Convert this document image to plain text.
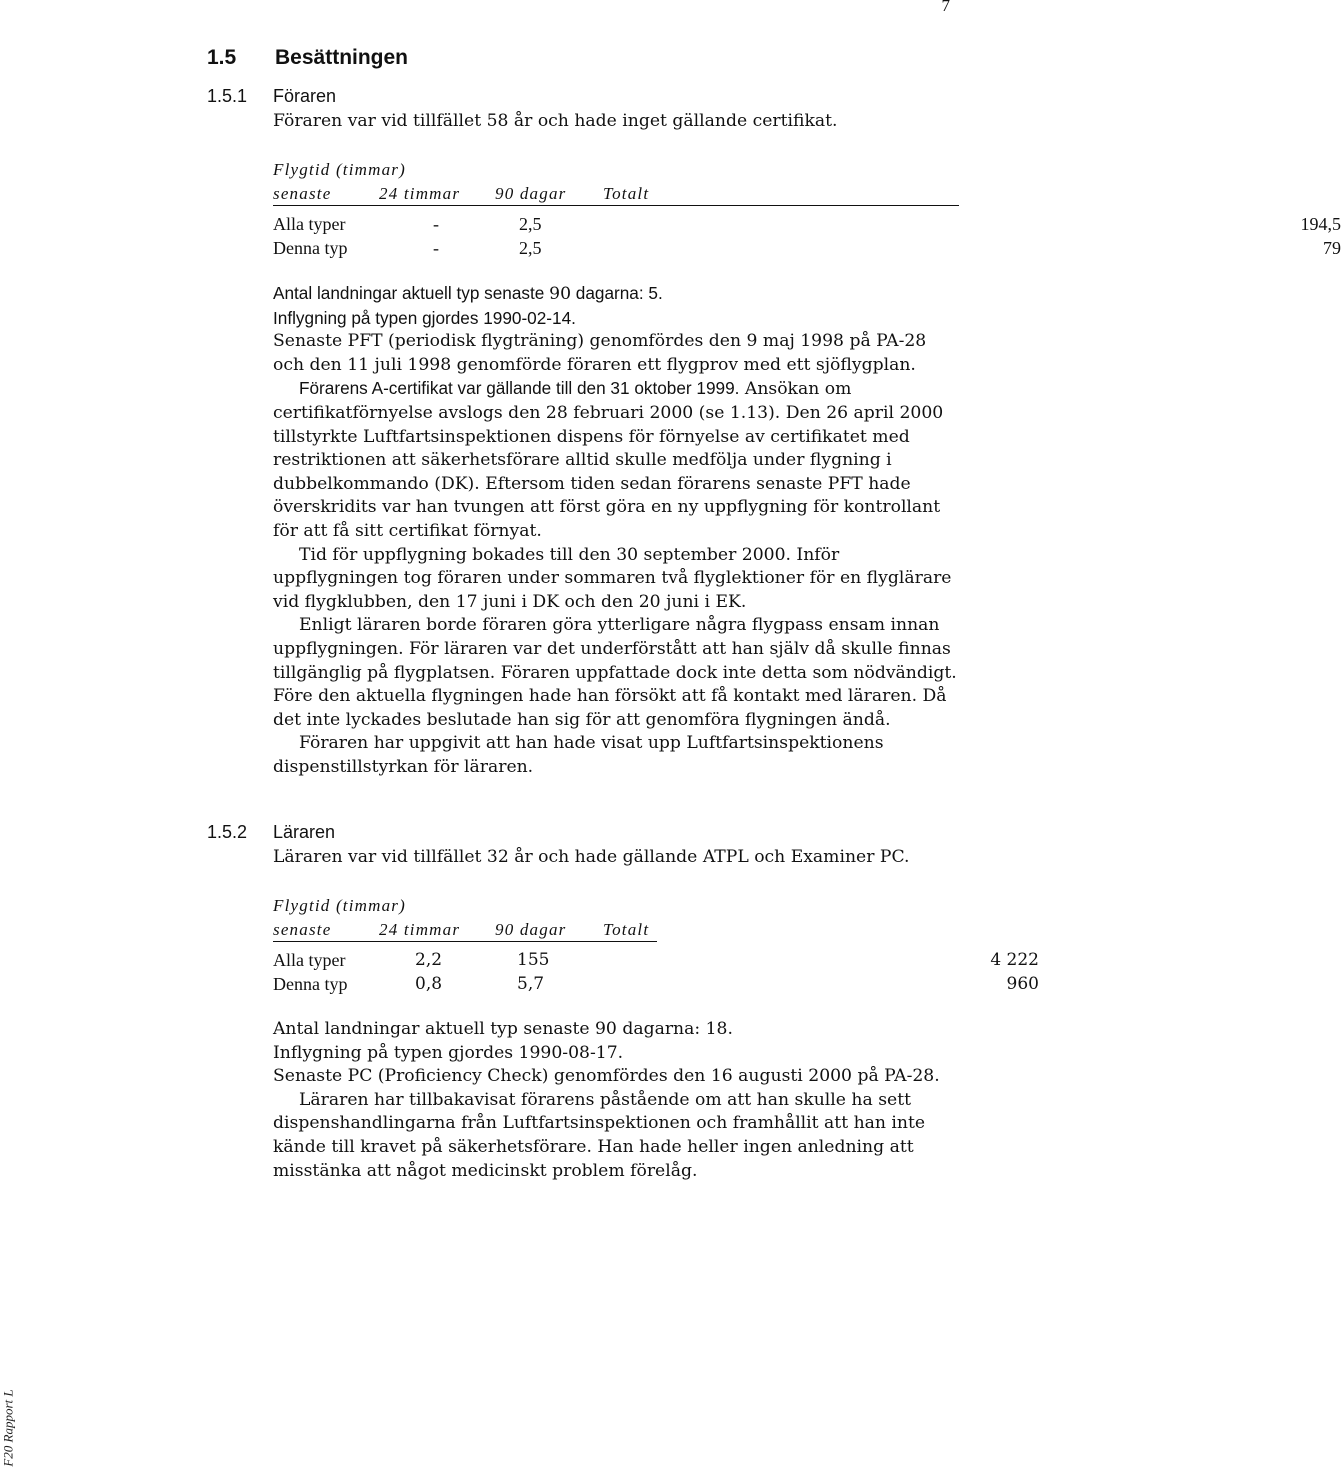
7
F20 Rapport L
1.5 Besättningen
1.5.1 Föraren

Föraren var vid tillfället 58 år och hade inget gällande certifikat.

Flygtid (timmar)
senaste	24 timmar 90 dagar Totalt
Alla typer	-	2,5	194,5
Denna typ	-	2,5	79

Antal landningar aktuell typ senaste 90 dagarna: 5.

Inflygning på typen gjordes 1990-02-14.

Senaste PFT (periodisk flygträning) genomfördes den 9 maj 1998 på PA-28 och den 11 juli 1998 genomförde föraren ett flygprov med ett sjöflygplan.

Förarens A-certifikat var gällande till den 31 oktober 1999. Ansökan om certifikatförnyelse avslogs den 28 februari 2000 (se 1.13). Den 26 april 2000 tillstyrkte Luftfartsinspektionen dispens för förnyelse av certifikatet med restriktionen att säkerhetsförare alltid skulle medfölja under flygning i dubbelkommando (DK). Eftersom tiden sedan förarens senaste PFT hade överskridits var han tvungen att först göra en ny uppflygning för kontrollant för att få sitt certifikat förnyat.

Tid för uppflygning bokades till den 30 september 2000. Inför uppflygningen tog föraren under sommaren två flyglektioner för en flyglärare vid flygklubben, den 17 juni i DK och den 20 juni i EK.

Enligt läraren borde föraren göra ytterligare några flygpass ensam innan uppflygningen. För läraren var det underförstått att han själv då skulle finnas tillgänglig på flygplatsen. Föraren uppfattade dock inte detta som nödvändigt. Före den aktuella flygningen hade han försökt att få kontakt med läraren. Då det inte lyckades beslutade han sig för att genomföra flygningen ändå.

Föraren har uppgivit att han hade visat upp Luftfartsinspektionens dispenstillstyrkan för läraren.

1.5.2 Läraren

Läraren var vid tillfället 32 år och hade gällande ATPL och Examiner PC.

Flygtid (timmar)
senaste	24 timmar 90 dagar Totalt
Alla typer	2,2	155	4 222
Denna typ	0,8	5,7	960

Antal landningar aktuell typ senaste 90 dagarna: 18.

Inflygning på typen gjordes 1990-08-17.

Senaste PC (Proficiency Check) genomfördes den 16 augusti 2000 på PA-28.

Läraren har tillbakavisat förarens påstående om att han skulle ha sett dispenshandlingarna från Luftfartsinspektionen och framhållit att han inte kände till kravet på säkerhetsförare. Han hade heller ingen anledning att misstänka att något medicinskt problem förelåg.
